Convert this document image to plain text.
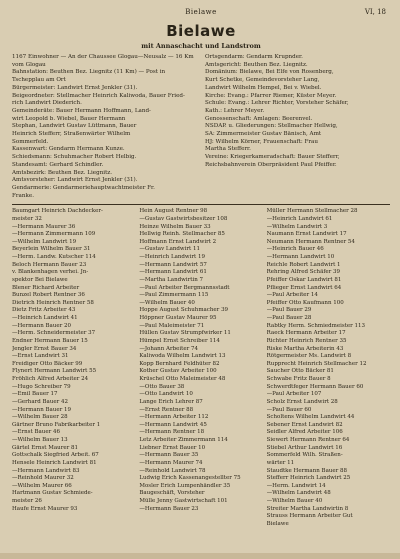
Bielawe	VI, 18
Bielawe
mit Annaschacht und Landstrom

1167 Einwohner — An der Chaussee Glogau—Neusalz — 16 Km vom Glogau

Bahnstation: Beuthen Bez. Liegnitz (11 Km) — Post in Tschepplau am Ort

Bürgermeister: Landwirt Ernst Jenkler (31).

Beigeordneter: Stellmacher Heinrich Kaliwoda, Bauer Fried-

rich Landwirt Diederich.

Gemeinderäte: Bauer Hermann Hoffmann, Land-

wirt Leopold b. Wiebel, Bauer Hermann

Stephan, Landwirt Gustav Lüttmann, Bauer

Heinrich Stefferr, Straßenwärter Wilhelm

Sommerfeld.

Kassenwart: Gendarm Hermann Kunze.

Schiedsmann: Schuhmacher Robert Helbig.

Standesamt: Gerhard Schindler.

Amtsbezirk: Beuthen Bez. Liegnitz.

Amtsvorsteher: Landwirt Ernst Jenkler (31).

Gendarmerie: Gendarmeriehauptwachtmeister Fr.

Franke.

Ortsgendarm: Gendarm Krupnder.

Amtsgericht: Beuthen Bez. Liegnitz.

Domänium: Bielawe, Bei Elfe von Rosenberg,

Kurt Schetke, Gemeindevorsteher Lang,

Landwirt Wilhelm Hempel, Bei v. Wiebel.

Kirche: Evang.: Pfarrer Riemer, Küster Meyer.

Schule: Evang.: Lehrer Richter, Vorsteher Schäfer,

Kath.: Lehrer Meyer.

Genossenschaft: Amlagen: Beerenvel.

NSDAP. u. Gliederungen: Stellmacher Hellwig,

SA: Zimmermeister Gustav Bänisch, Amt

HJ: Wilhelm Körner, Frauenschaft: Frau

Martha Stefferr.

Vereine: Kriegerkameradschaft: Bauer Stefferr,

Reichsbahnverein Oberpräsident Paul Pfeiffer.

Baumgart Heinrich Dachdecker-
meister 32
—Hermann Maurer 36
—Hermann Zimmermann 109
—Wilhelm Landwirt 19
Beyerlein Wilhelm Bauer 31
—Herm. Landw. Kutscher 114
Beloch Hermann Bauer 23
v. Blankenhagen verhei. Jn-
spektor Bei Bielawe
Blener Richard Arbeiter
Bunzel Robert Rentner 36
Dietrich Heinrich Rentner 58
Dietz Fritz Arbeiter 43
—Heinrich Landwirt 41
—Hermann Bauer 20
—Herm. Schneidermeister 37
Endner Hermann Bauer 15
Jengler Ernst Bauer 34
—Ernst Landwirt 31
Freidiger Otto Bäcker 99
Flynert Hermann Landwirt 55
Fröhlich Alfred Arbeiter 24
—Hugo Schreiber 79
—Emil Bauer 17
—Gerhard Bauer 42
—Hermann Bauer 19
—Wilhelm Bauer 28
Gärtner Bruno Fabrikarbeiter 1
—Ernst Bauer 46
—Wilhelm Bauer 13
Gärtel Ernst Maurer 81
Gottschalk Siegfried Arbeit. 67
Hensele Heinrich Landwirt 81
—Hermann Landwirt 83
—Reinhold Maurer 32
—Wilhelm Maurer 66
Hartmann Gustav Schmiede-
meister 26
Haufe Ernst Maurer 93
Hein August Rentner 98
—Gustav Gastwirtsbesitzer 108
Heinze Wilhelm Bauer 33
Hellwig Reinh. Stellmacher 85
Hoffmann Ernst Landwirt 2
—Gustav Landwirt 11
—Heinrich Landwirt 19
—Hermann Landwirt 57
—Hermann Landwirt 61
—Martha Landwirtin 7
—Paul Arbeiter Bergmannsstadt
—Paul Zimmermann 115
—Wilhelm Bauer 40
Hoppe August Schuhmacher 39
Höppner Gustav Maurer 95
—Paul Maleimeister 71
Hüllen Gustav Strumpfwirker 11
Hümpel Ernst Schreiber 114
—Johann Arbeiter 74
Kaliwoda Wilhelm Landwirt 13
Kopp Bernhard Feldhüter 82
Kother Gustav Arbeiter 100
Krüschel Otto Maleimeister 48
—Otto Bauer 38
—Otto Landwirt 10
Lange Erich Lehrer 87
—Ernst Rentner 88
—Hermann Arbeiter 112
—Hermann Landwirt 45
—Hermann Rentner 18
Letz Arbeiter Zimmermann 114
Liebner Ernst Bauer 10
—Hermann Bauer 35
—Hermann Maurer 74
—Reinhold Landwirt 78
Ludwig Erich Kassenangestellter 75
Mosler Erich Lumpenhändler 35
Baugeschäft, Vorsteher
Mülle Jenny Gastwirtschaft 101
—Hermann Bauer 23
Müller Hermann Stellmacher 28
—Heinrich Landwirt 61
—Wilhelm Landwirt 3
Naumann Ernst Landwirt 17
Neumann Hermann Rentner 54
—Heinrich Bauer 46
—Hermann Landwirt 10
Reichle Robert Landwirt 1
Rehring Alfred Schäfer 39
Pfeiffer Oskar Landwirt 81
Pflieger Ernst Landwirt 64
—Paul Arbeiter 14
Pfeiffer Otto Kaufmann 100
—Paul Bauer 29
—Paul Bauer 28
Rabtky Herm. Schmiedmeister 113
Raeck Hermann Arbeiter 17
Richter Heinrich Rentner 35
Riske Martha Arbeiterin 43
Rötgermeister Ms. Landwirt 8
Rupprecht Heinrich Stellmacher 12
Saucher Otto Bäcker 81
Schwabe Fritz Bauer 8
Schwerdtfeger Hermann Bauer 60
—Paul Arbeiter 107
Scholz Ernst Landwirt 28
—Paul Bauer 60
Scholtens Wilhelm Landwirt 44
Sebener Ernst Landwirt 82
Seidler Alfred Arbeiter 106
Siewert Hermann Rentner 64
Stiebel Arthur Landwirt 16
Sommerfeld Wilh. Straßen-
wärter 11
Staudtke Hermann Bauer 88
Stefferr Heinrich Landwirt 25
—Herm. Landwirt 14
—Wilhelm Landwirt 48
—Wilhelm Bauer 40
Streiter Martha Landwirtin 8
Strauss Hermann Arbeiter Gut
Bielawe
